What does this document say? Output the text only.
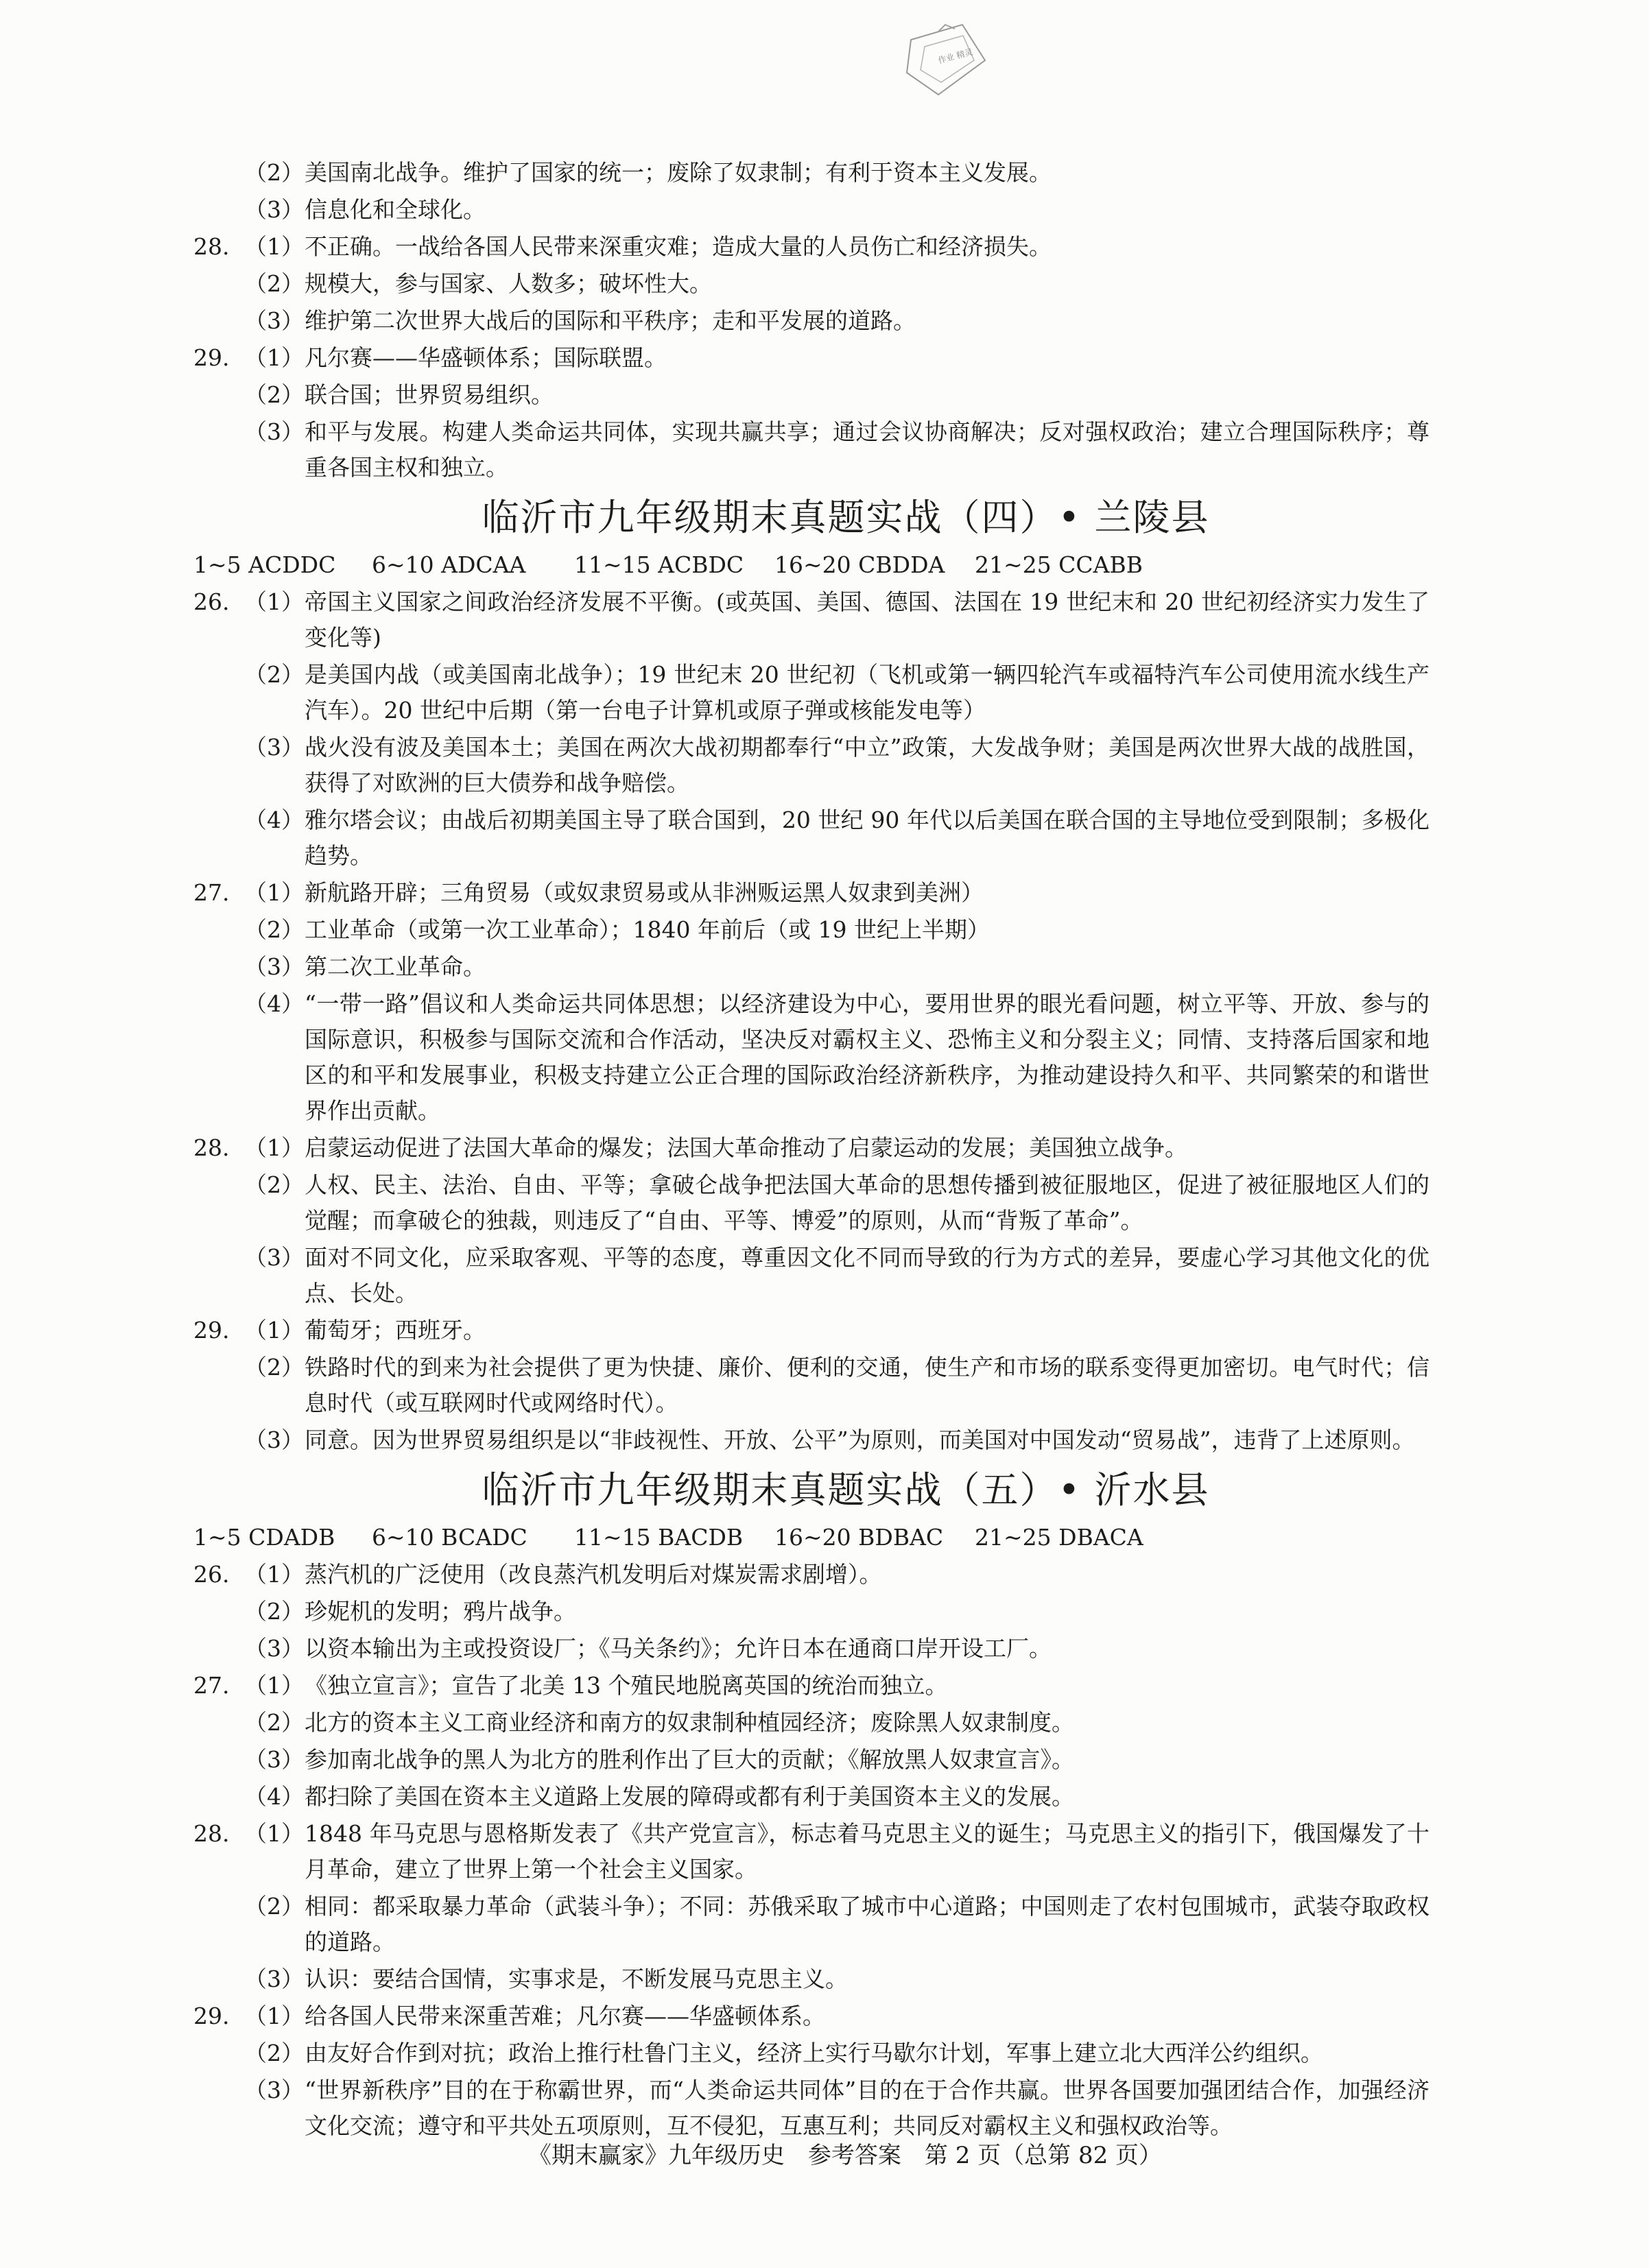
作业 精灵
（2） 美国南北战争。维护了国家的统一；废除了奴隶制；有利于资本主义发展。
（3） 信息化和全球化。
28. （1） 不正确。一战给各国人民带来深重灾难；造成大量的人员伤亡和经济损失。
（2） 规模大，参与国家、人数多；破坏性大。
（3） 维护第二次世界大战后的国际和平秩序；走和平发展的道路。
29. （1） 凡尔赛——华盛顿体系；国际联盟。
（2） 联合国；世界贸易组织。
（3） 和平与发展。构建人类命运共同体，实现共赢共享；通过会议协商解决；反对强权政治；建立合理国际秩序；尊重各国主权和独立。
临沂市九年级期末真题实战（四）• 兰陵县
1~5 ACDDC	6~10 ADCAA	11~15 ACBDC	16~20 CBDDA	21~25 CCABB
26. （1） 帝国主义国家之间政治经济发展不平衡。(或英国、美国、德国、法国在 19 世纪末和 20 世纪初经济实力发生了变化等)
（2） 是美国内战（或美国南北战争）；19 世纪末 20 世纪初（飞机或第一辆四轮汽车或福特汽车公司使用流水线生产汽车）。20 世纪中后期（第一台电子计算机或原子弹或核能发电等）
（3） 战火没有波及美国本土；美国在两次大战初期都奉行“中立”政策，大发战争财；美国是两次世界大战的战胜国，获得了对欧洲的巨大债券和战争赔偿。
（4） 雅尔塔会议；由战后初期美国主导了联合国到，20 世纪 90 年代以后美国在联合国的主导地位受到限制；多极化趋势。
27. （1） 新航路开辟；三角贸易（或奴隶贸易或从非洲贩运黑人奴隶到美洲）
（2） 工业革命（或第一次工业革命）；1840 年前后（或 19 世纪上半期）
（3） 第二次工业革命。
（4） “一带一路”倡议和人类命运共同体思想；以经济建设为中心，要用世界的眼光看问题，树立平等、开放、参与的国际意识，积极参与国际交流和合作活动，坚决反对霸权主义、恐怖主义和分裂主义；同情、支持落后国家和地区的和平和发展事业，积极支持建立公正合理的国际政治经济新秩序，为推动建设持久和平、共同繁荣的和谐世界作出贡献。
28. （1） 启蒙运动促进了法国大革命的爆发；法国大革命推动了启蒙运动的发展；美国独立战争。
（2） 人权、民主、法治、自由、平等；拿破仑战争把法国大革命的思想传播到被征服地区，促进了被征服地区人们的觉醒；而拿破仑的独裁，则违反了“自由、平等、博爱”的原则，从而“背叛了革命”。
（3） 面对不同文化，应采取客观、平等的态度，尊重因文化不同而导致的行为方式的差异，要虚心学习其他文化的优点、长处。
29. （1） 葡萄牙；西班牙。
（2） 铁路时代的到来为社会提供了更为快捷、廉价、便利的交通，使生产和市场的联系变得更加密切。电气时代；信息时代（或互联网时代或网络时代）。
（3） 同意。因为世界贸易组织是以“非歧视性、开放、公平”为原则，而美国对中国发动“贸易战”，违背了上述原则。
临沂市九年级期末真题实战（五）• 沂水县
1~5 CDADB	6~10 BCADC	11~15 BACDB	16~20 BDBAC	21~25 DBACA
26. （1） 蒸汽机的广泛使用（改良蒸汽机发明后对煤炭需求剧增）。
（2） 珍妮机的发明；鸦片战争。
（3） 以资本输出为主或投资设厂；《马关条约》；允许日本在通商口岸开设工厂。
27. （1） 《独立宣言》；宣告了北美 13 个殖民地脱离英国的统治而独立。
（2） 北方的资本主义工商业经济和南方的奴隶制种植园经济；废除黑人奴隶制度。
（3） 参加南北战争的黑人为北方的胜利作出了巨大的贡献；《解放黑人奴隶宣言》。
（4） 都扫除了美国在资本主义道路上发展的障碍或都有利于美国资本主义的发展。
28. （1） 1848 年马克思与恩格斯发表了《共产党宣言》，标志着马克思主义的诞生；马克思主义的指引下，俄国爆发了十月革命，建立了世界上第一个社会主义国家。
（2） 相同：都采取暴力革命（武装斗争）；不同：苏俄采取了城市中心道路；中国则走了农村包围城市，武装夺取政权的道路。
（3） 认识：要结合国情，实事求是，不断发展马克思主义。
29. （1） 给各国人民带来深重苦难；凡尔赛——华盛顿体系。
（2） 由友好合作到对抗；政治上推行杜鲁门主义，经济上实行马歇尔计划，军事上建立北大西洋公约组织。
（3） “世界新秩序”目的在于称霸世界，而“人类命运共同体”目的在于合作共赢。世界各国要加强团结合作，加强经济文化交流；遵守和平共处五项原则，互不侵犯，互惠互利；共同反对霸权主义和强权政治等。
《期末赢家》九年级历史　参考答案　第 2 页（总第 82 页）
